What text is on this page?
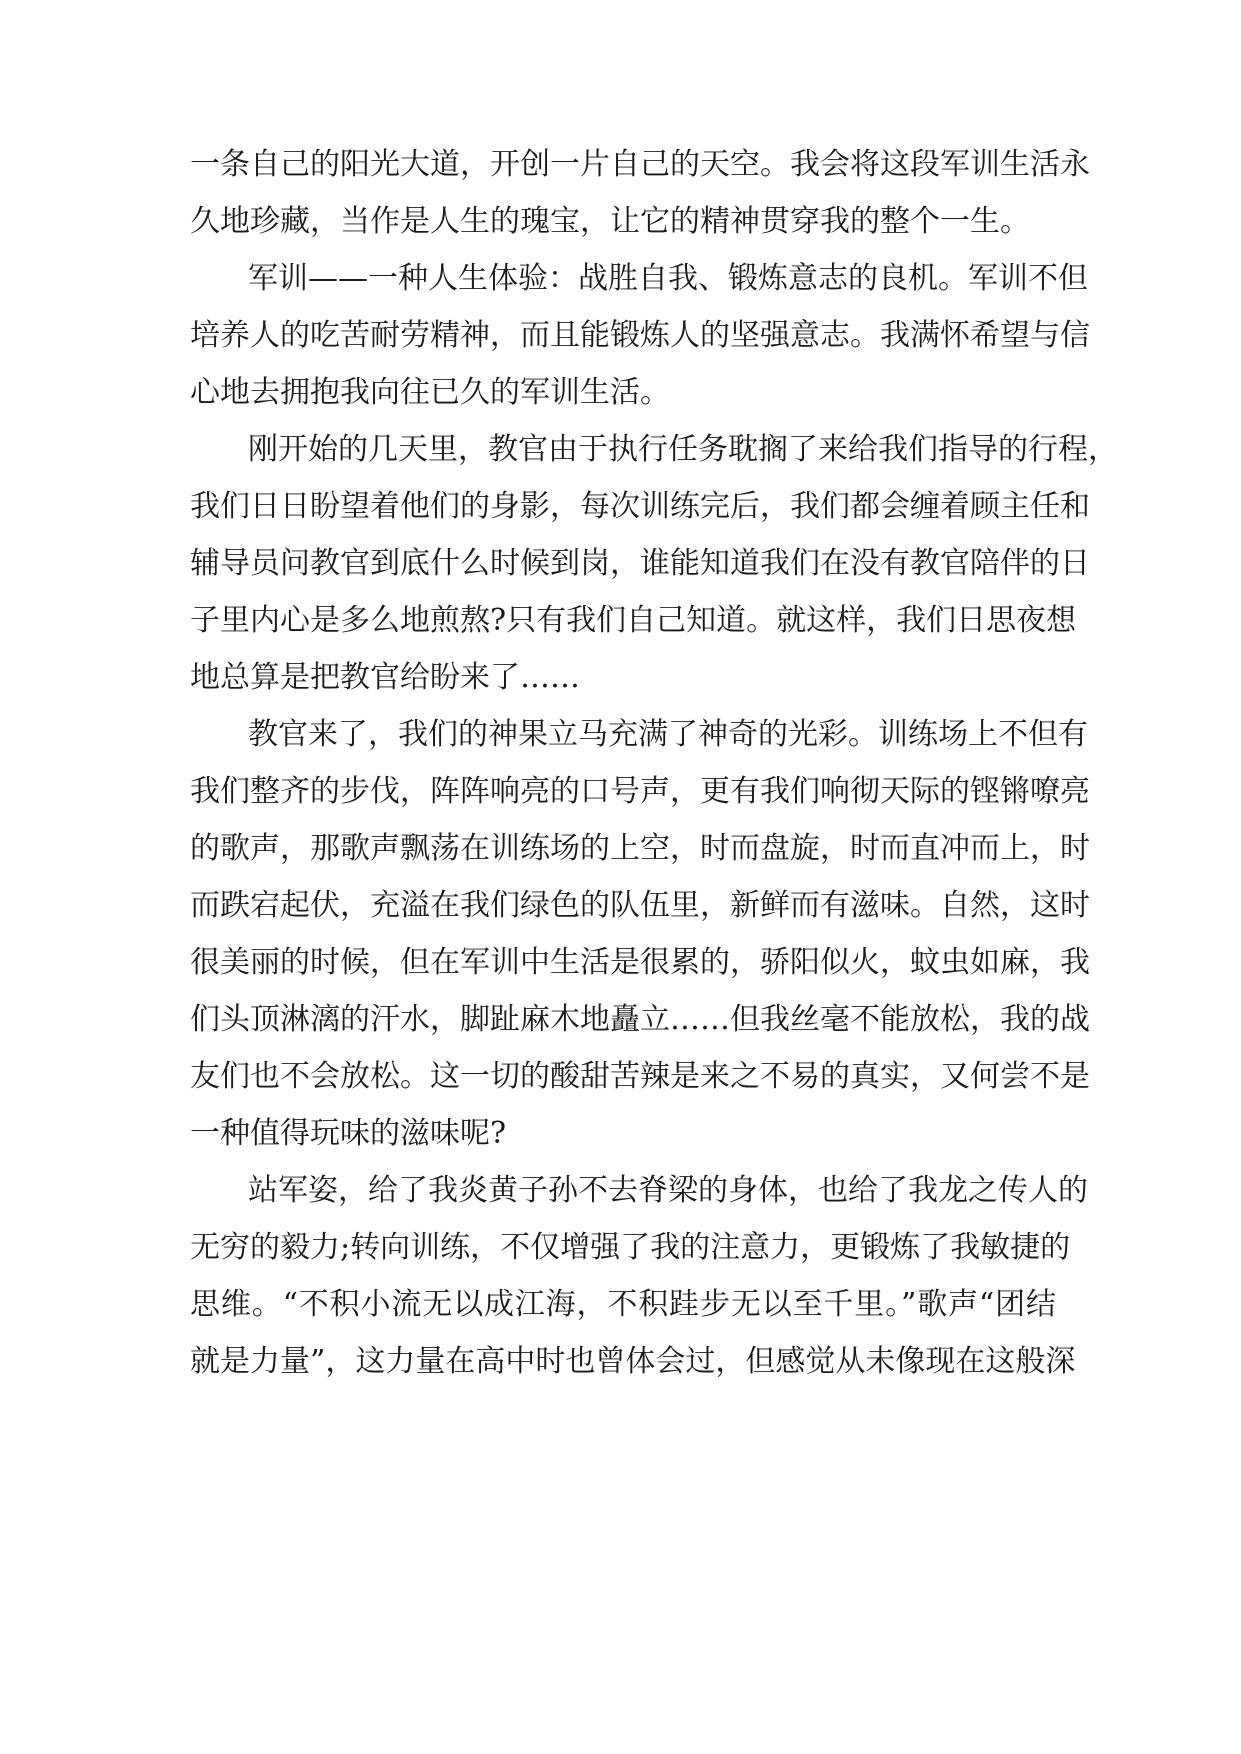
一条自己的阳光大道，开创一片自己的天空。我会将这段军训生活永
久地珍藏，当作是人生的瑰宝，让它的精神贯穿我的整个一生。
军训——一种人生体验：战胜自我、锻炼意志的良机。军训不但
培养人的吃苦耐劳精神，而且能锻炼人的坚强意志。我满怀希望与信
心地去拥抱我向往已久的军训生活。
刚开始的几天里，教官由于执行任务耽搁了来给我们指导的行程，
我们日日盼望着他们的身影，每次训练完后，我们都会缠着顾主任和
辅导员问教官到底什么时候到岗，谁能知道我们在没有教官陪伴的日
子里内心是多么地煎熬?只有我们自己知道。就这样，我们日思夜想
地总算是把教官给盼来了……
教官来了，我们的神果立马充满了神奇的光彩。训练场上不但有
我们整齐的步伐，阵阵响亮的口号声，更有我们响彻天际的铿锵嘹亮
的歌声，那歌声飘荡在训练场的上空，时而盘旋，时而直冲而上，时
而跌宕起伏，充溢在我们绿色的队伍里，新鲜而有滋味。自然，这时
很美丽的时候，但在军训中生活是很累的，骄阳似火，蚊虫如麻，我
们头顶淋漓的汗水，脚趾麻木地矗立……但我丝毫不能放松，我的战
友们也不会放松。这一切的酸甜苦辣是来之不易的真实，又何尝不是
一种值得玩味的滋味呢?
站军姿，给了我炎黄子孙不去脊梁的身体，也给了我龙之传人的
无穷的毅力;转向训练，不仅增强了我的注意力，更锻炼了我敏捷的
思维。“不积小流无以成江海，不积跬步无以至千里。”歌声“团结
就是力量”，这力量在高中时也曾体会过，但感觉从未像现在这般深
